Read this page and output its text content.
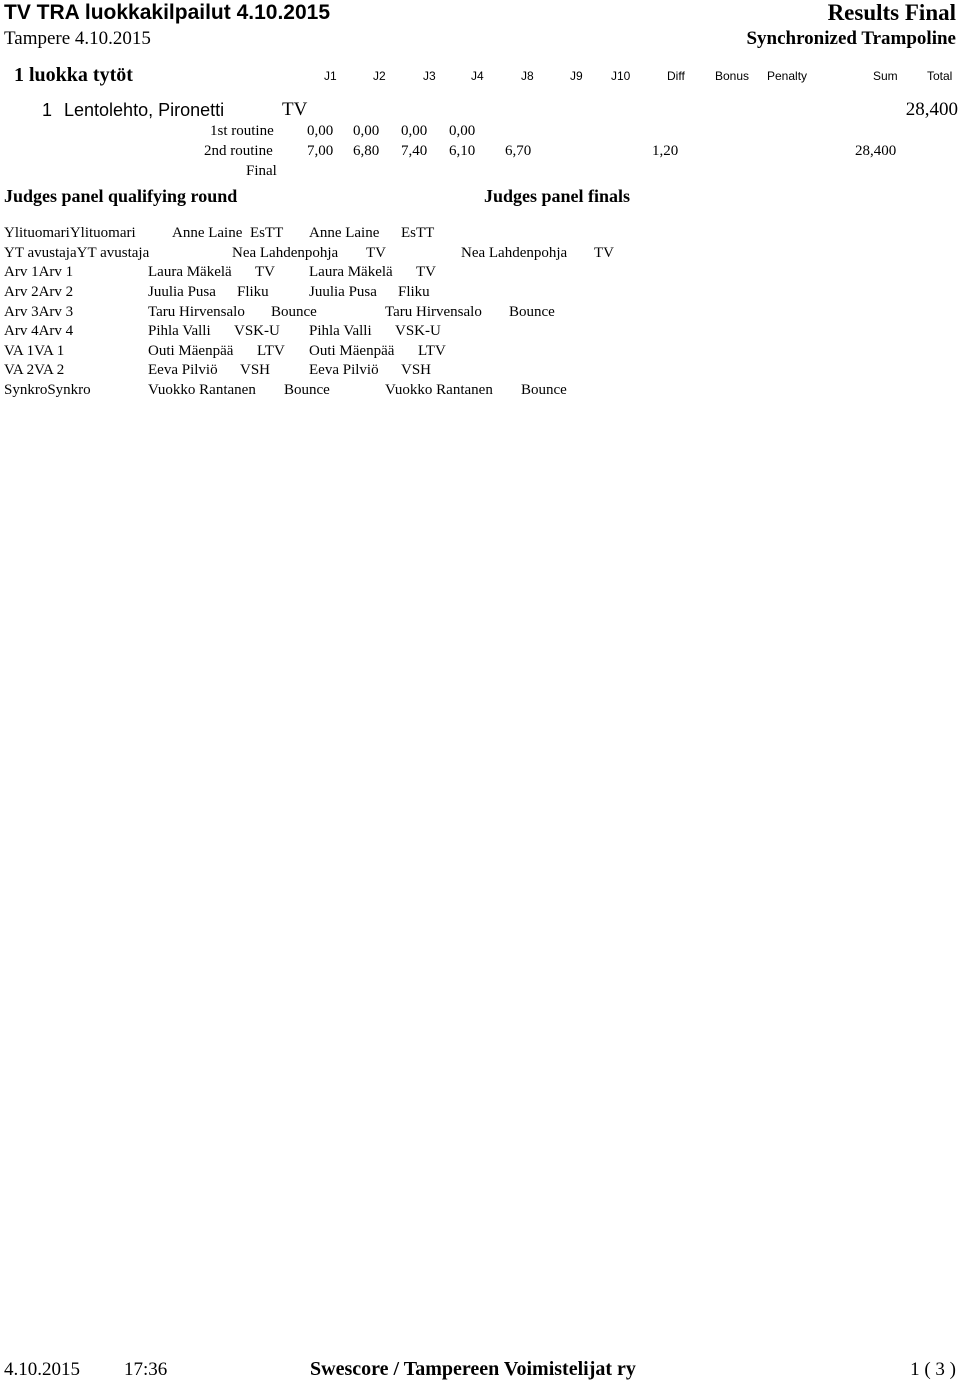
TV TRA luokkakilpailut 4.10.2015	Results Final
Tampere 4.10.2015	Synchronized Trampoline
1 luokka tytöt	J1	J2	J3	J4	J8	J9 J10	Diff	Bonus Penalty	Sum Total
1 Lentolehto, Pironetti	TV	28,400
1st routine 0,00 0,00 0,00 0,00
2nd routine 7,00 6,80 7,40 6,10 6,70	1,20	28,400
Final
Judges panel qualifying round	Judges panel finals
YlituomariYlituomari Anne Laine EsTT Anne Laine EsTT
YT avustajaYT avustaja	Nea Lahdenpohja TV	Nea Lahdenpohja TV
Arv 1Arv 1	Laura Mäkelä TV Laura Mäkelä TV
Arv 2Arv 2	Juulia Pusa Fliku	Juulia Pusa Fliku
Arv 3Arv 3	Taru Hirvensalo Bounce	Taru Hirvensalo Bounce
Arv 4Arv 4	Pihla Valli VSK-U Pihla Valli VSK-U
VA 1VA 1	Outi Mäenpää LTV Outi Mäenpää LTV
VA 2VA 2	Eeva Pilviö VSH	Eeva Pilviö VSH
SynkroSynkro	Vuokko Rantanen Bounce	Vuokko Rantanen Bounce
4.10.2015 17:36	Swescore / Tampereen Voimistelijat ry	1 ( 3 )
